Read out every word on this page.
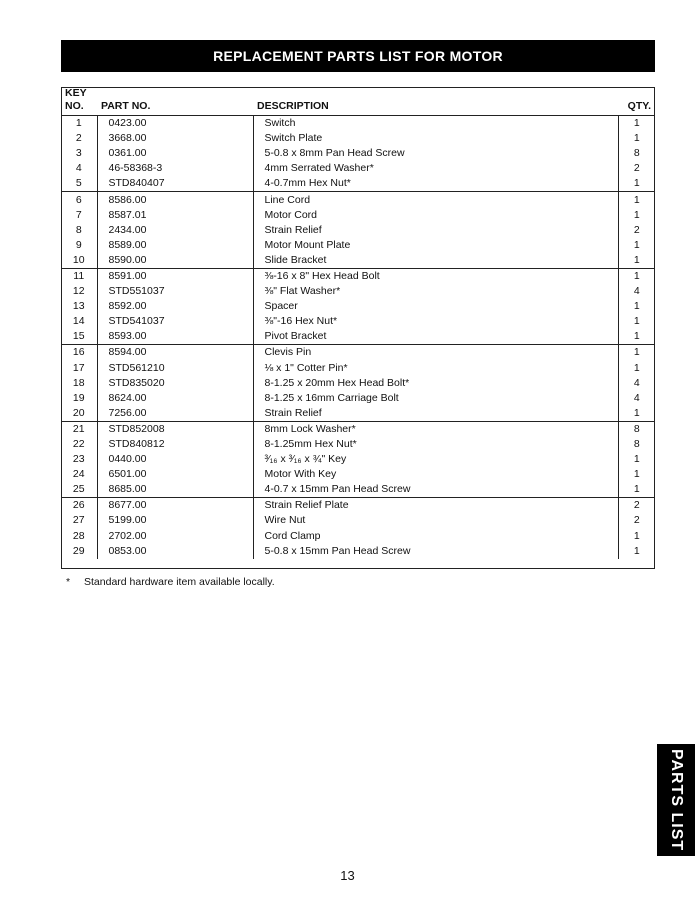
REPLACEMENT PARTS LIST FOR MOTOR
KEY
NO.	PART NO.	DESCRIPTION	QTY.
1	0423.00	Switch	1
2	3668.00	Switch Plate	1
3	0361.00	5-0.8 x 8mm Pan Head Screw	8
4	46-58368-3	4mm Serrated Washer*	2
5	STD840407	4-0.7mm Hex Nut*	1
6	8586.00	Line Cord	1
7	8587.01	Motor Cord	1
8	2434.00	Strain Relief	2
9	8589.00	Motor Mount Plate	1
10	8590.00	Slide Bracket	1
11	8591.00	⅜-16 x 8" Hex Head Bolt	1
12	STD551037	⅜" Flat Washer*	4
13	8592.00	Spacer	1
14	STD541037	⅜"-16 Hex Nut*	1
15	8593.00	Pivot Bracket	1
16	8594.00	Clevis Pin	1
17	STD561210	⅛ x 1" Cotter Pin*	1
18	STD835020	8-1.25 x 20mm Hex Head Bolt*	4
19	8624.00	8-1.25 x 16mm Carriage Bolt	4
20	7256.00	Strain Relief	1
21	STD852008	8mm Lock Washer*	8
22	STD840812	8-1.25mm Hex Nut*	8
23	0440.00	³⁄₁₆ x ³⁄₁₆ x ¾" Key	1
24	6501.00	Motor With Key	1
25	8685.00	4-0.7 x 15mm Pan Head Screw	1
26	8677.00	Strain Relief Plate	2
27	5199.00	Wire Nut	2
28	2702.00	Cord Clamp	1
29	0853.00	5-0.8 x 15mm Pan Head Screw	1
* Standard hardware item available locally.
PARTS LIST
13
